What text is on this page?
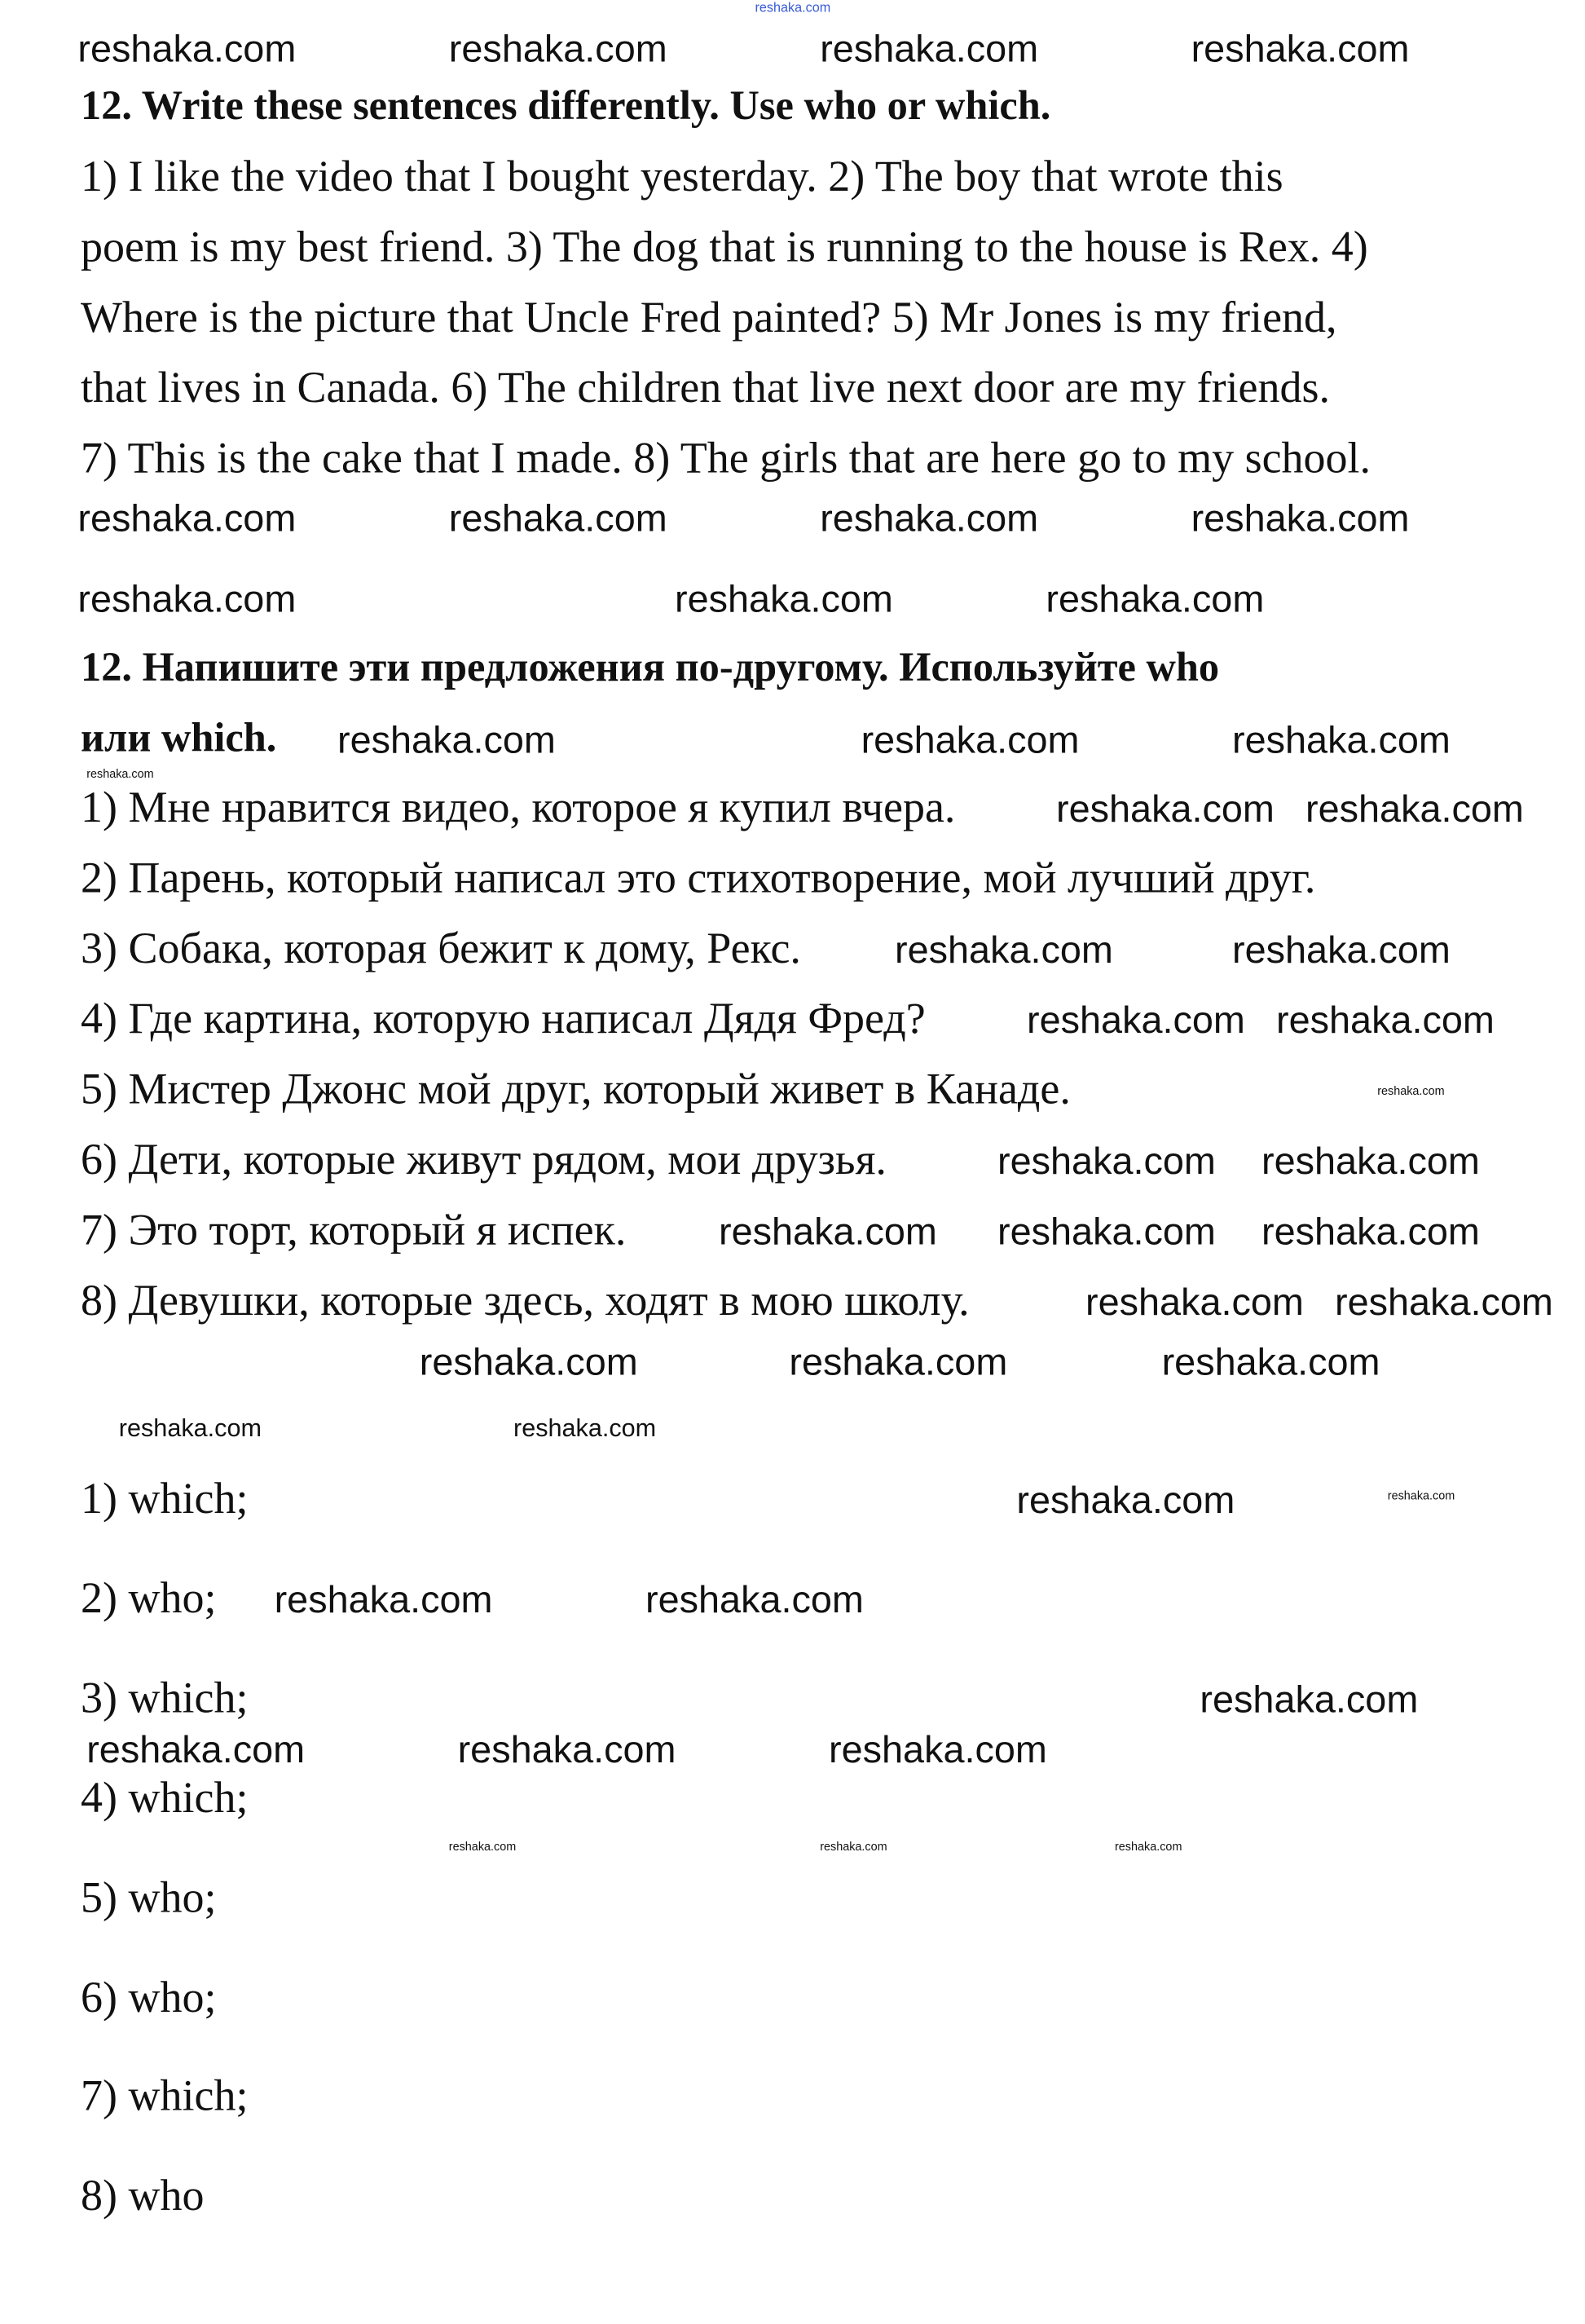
reshaka.com
12. Write these sentences differently. Use who or which.
1) I like the video that I bought yesterday. 2) The boy that wrote this
poem is my best friend. 3) The dog that is running to the house is Rex. 4)
Where is the picture that Uncle Fred painted? 5) Mr Jones is my friend,
that lives in Canada. 6) The children that live next door are my friends.
7) This is the cake that I made. 8) The girls that are here go to my school.
12. Напишите эти предложения по-другому. Используйте who
или which.
1) Мне нравится видео, которое я купил вчера.
2) Парень, который написал это стихотворение, мой лучший друг.
3) Собака, которая бежит к дому, Рекс.
4) Где картина, которую написал Дядя Фред?
5) Мистер Джонс мой друг, который живет в Канаде.
6) Дети, которые живут рядом, мои друзья.
7) Это торт, который я испек.
8) Девушки, которые здесь, ходят в мою школу.
1) which;
2) who;
3) which;
4) which;
5) who;
6) who;
7) which;
8) who
reshaka.com	reshaka.com	reshaka.com	reshaka.com
reshaka.com	reshaka.com	reshaka.com	reshaka.com
reshaka.com	reshaka.com	reshaka.com
reshaka.com	reshaka.com	reshaka.com
reshaka.com reshaka.com
reshaka.com	reshaka.com
reshaka.com reshaka.com
reshaka.com reshaka.com
reshaka.com	reshaka.com reshaka.com
reshaka.com reshaka.com
reshaka.com	reshaka.com	reshaka.com
reshaka.com
reshaka.com	reshaka.com
reshaka.com
reshaka.com	reshaka.com	reshaka.com
reshaka.com	reshaka.com
reshaka.com
reshaka.com
reshaka.com
reshaka.com	reshaka.com	reshaka.com
